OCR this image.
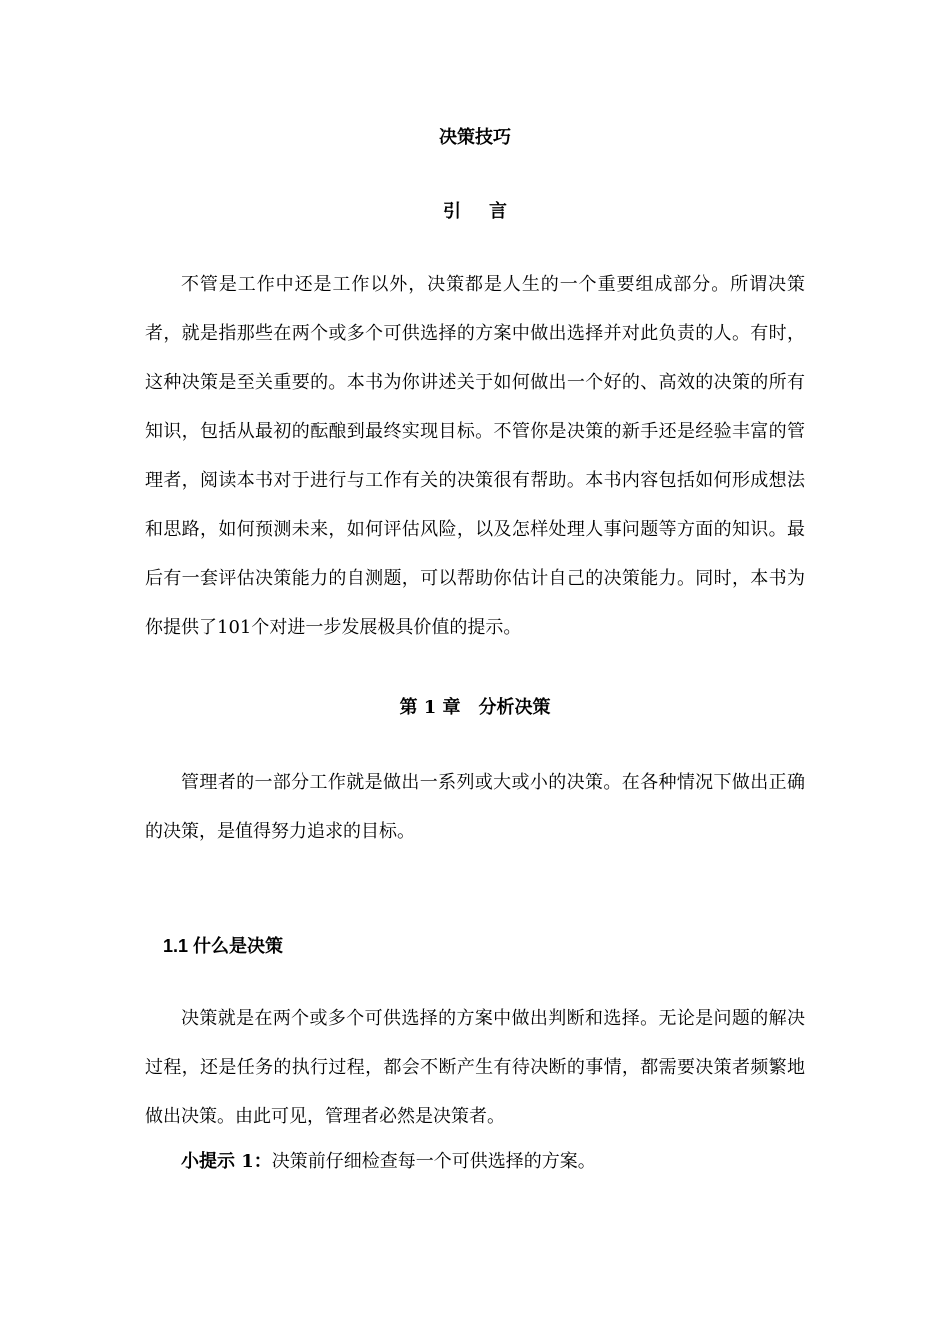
决策技巧
引言

不管是工作中还是工作以外，决策都是人生的一个重要组成部分。所谓决策者，就是指那些在两个或多个可供选择的方案中做出选择并对此负责的人。有时，这种决策是至关重要的。本书为你讲述关于如何做出一个好的、高效的决策的所有知识，包括从最初的酝酿到最终实现目标。不管你是决策的新手还是经验丰富的管理者，阅读本书对于进行与工作有关的决策很有帮助。本书内容包括如何形成想法和思路，如何预测未来，如何评估风险，以及怎样处理人事问题等方面的知识。最后有一套评估决策能力的自测题，可以帮助你估计自己的决策能力。同时，本书为你提供了101个对进一步发展极具价值的提示。

第 1 章　分析决策

管理者的一部分工作就是做出一系列或大或小的决策。在各种情况下做出正确的决策，是值得努力追求的目标。

1.1 什么是决策

决策就是在两个或多个可供选择的方案中做出判断和选择。无论是问题的解决过程，还是任务的执行过程，都会不断产生有待决断的事情，都需要决策者频繁地做出决策。由此可见，管理者必然是决策者。

小提示 1：决策前仔细检查每一个可供选择的方案。
